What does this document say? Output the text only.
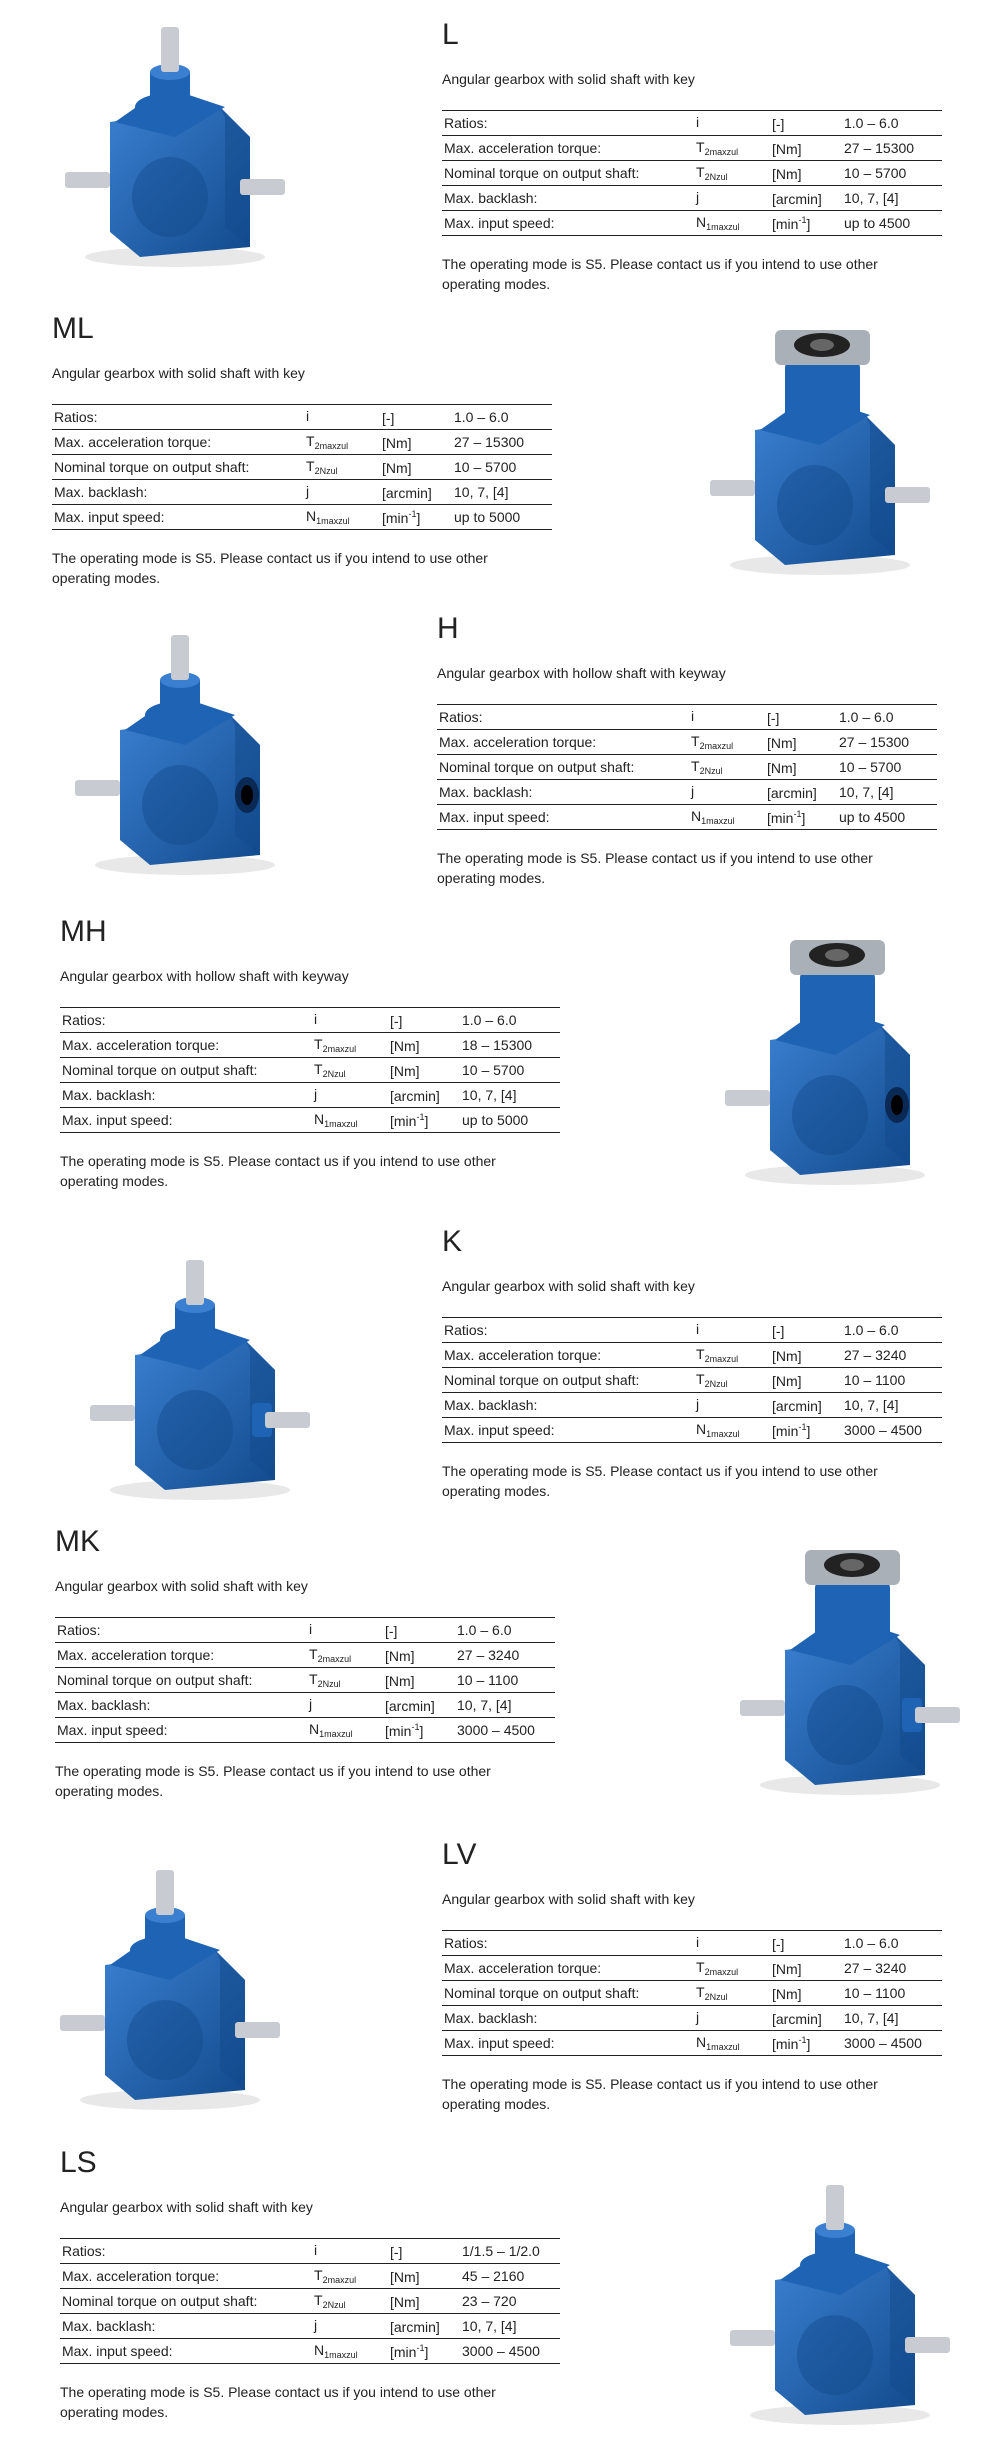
L
Angular gearbox with solid shaft with key
Ratios:	i	[-]	1.0 – 6.0
Max. acceleration torque:	$T_{2maxzul}$	[Nm]	27 – 15300
Nominal torque on output shaft:	$T_{2Nzul}$	[Nm]	10 – 5700
Max. backlash:	j	[arcmin]	10, 7, [4]
Max. input speed:	$N_{1maxzul}$	$[\min^{-1}]$	up to 4500
The operating mode is S5. Please contact us if you intend to use other operating modes.
ML
Angular gearbox with solid shaft with key
Ratios:	i	[-]	1.0 – 6.0
Max. acceleration torque:	$T_{2maxzul}$	[Nm]	27 – 15300
Nominal torque on output shaft:	$T_{2Nzul}$	[Nm]	10 – 5700
Max. backlash:	j	[arcmin]	10, 7, [4]
Max. input speed:	$N_{1maxzul}$	$[\min^{-1}]$	up to 5000
The operating mode is S5. Please contact us if you intend to use other operating modes.
H
Angular gearbox with hollow shaft with keyway
Ratios:	i	[-]	1.0 – 6.0
Max. acceleration torque:	$T_{2maxzul}$	[Nm]	27 – 15300
Nominal torque on output shaft:	$T_{2Nzul}$	[Nm]	10 – 5700
Max. backlash:	j	[arcmin]	10, 7, [4]
Max. input speed:	$N_{1maxzul}$	$[\min^{-1}]$	up to 4500
The operating mode is S5. Please contact us if you intend to use other operating modes.
MH
Angular gearbox with hollow shaft with keyway
Ratios:	i	[-]	1.0 – 6.0
Max. acceleration torque:	$T_{2maxzul}$	[Nm]	18 – 15300
Nominal torque on output shaft:	$T_{2Nzul}$	[Nm]	10 – 5700
Max. backlash:	j	[arcmin]	10, 7, [4]
Max. input speed:	$N_{1maxzul}$	$[\min^{-1}]$	up to 5000
The operating mode is S5. Please contact us if you intend to use other operating modes.
K
Angular gearbox with solid shaft with key
Ratios:	i	[-]	1.0 – 6.0
Max. acceleration torque:	$T_{2maxzul}$	[Nm]	27 – 3240
Nominal torque on output shaft:	$T_{2Nzul}$	[Nm]	10 – 1100
Max. backlash:	j	[arcmin]	10, 7, [4]
Max. input speed:	$N_{1maxzul}$	$[\min^{-1}]$	3000 – 4500
The operating mode is S5. Please contact us if you intend to use other operating modes.
MK
Angular gearbox with solid shaft with key
Ratios:	i	[-]	1.0 – 6.0
Max. acceleration torque:	$T_{2maxzul}$	[Nm]	27 – 3240
Nominal torque on output shaft:	$T_{2Nzul}$	[Nm]	10 – 1100
Max. backlash:	j	[arcmin]	10, 7, [4]
Max. input speed:	$N_{1maxzul}$	$[\min^{-1}]$	3000 – 4500
The operating mode is S5. Please contact us if you intend to use other operating modes.
LV
Angular gearbox with solid shaft with key
Ratios:	i	[-]	1.0 – 6.0
Max. acceleration torque:	$T_{2maxzul}$	[Nm]	27 – 3240
Nominal torque on output shaft:	$T_{2Nzul}$	[Nm]	10 – 1100
Max. backlash:	j	[arcmin]	10, 7, [4]
Max. input speed:	$N_{1maxzul}$	$[\min^{-1}]$	3000 – 4500
The operating mode is S5. Please contact us if you intend to use other operating modes.
LS
Angular gearbox with solid shaft with key
Ratios:	i	[-]	1/1.5 – 1/2.0
Max. acceleration torque:	$T_{2maxzul}$	[Nm]	45 – 2160
Nominal torque on output shaft:	$T_{2Nzul}$	[Nm]	23 – 720
Max. backlash:	j	[arcmin]	10, 7, [4]
Max. input speed:	$N_{1maxzul}$	$[\min^{-1}]$	3000 – 4500
The operating mode is S5. Please contact us if you intend to use other operating modes.
